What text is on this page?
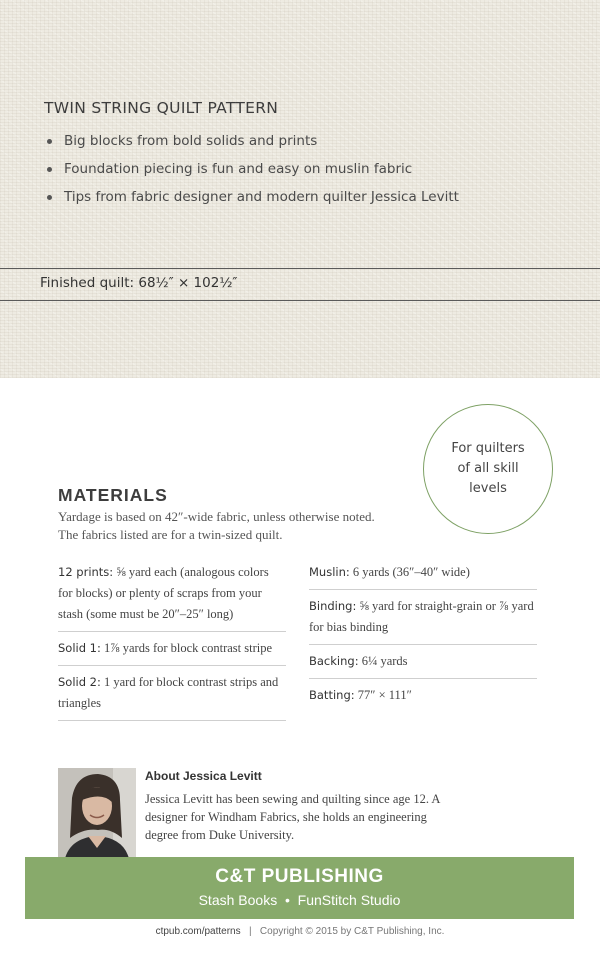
TWIN STRING QUILT PATTERN
Big blocks from bold solids and prints
Foundation piecing is fun and easy on muslin fabric
Tips from fabric designer and modern quilter Jessica Levitt
Finished quilt: 68½″ × 102½″
For quilters of all skill levels
MATERIALS
Yardage is based on 42″-wide fabric, unless otherwise noted.
The fabrics listed are for a twin-sized quilt.
12 prints: ⅝ yard each (analogous colors for blocks) or plenty of scraps from your stash (some must be 20″–25″ long)
Solid 1: 1⅞ yards for block contrast stripe
Solid 2: 1 yard for block contrast strips and triangles
Muslin: 6 yards (36″–40″ wide)
Binding: ⅝ yard for straight-grain or ⅞ yard for bias binding
Backing: 6¼ yards
Batting: 77″ × 111″
About Jessica Levitt
Jessica Levitt has been sewing and quilting since age 12. A designer for Windham Fabrics, she holds an engineering degree from Duke University.
C&T PUBLISHING
Stash Books • FunStitch Studio
ctpub.com/patterns | Copyright © 2015 by C&T Publishing, Inc.
